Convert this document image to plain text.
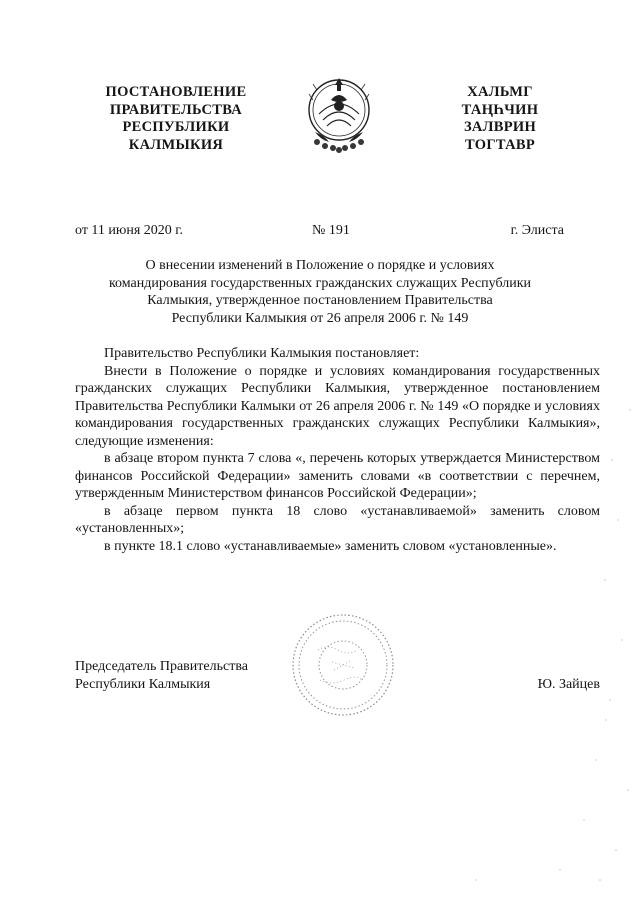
ПОСТАНОВЛЕНИЕ
ПРАВИТЕЛЬСТВА
РЕСПУБЛИКИ
КАЛМЫКИЯ
ХАЛЬМГ
ТАҢҺЧИН
ЗАЛВРИН
ТОГТАВР
от 11 июня 2020 г.	№ 191	г. Элиста
О внесении изменений в Положение о порядке и условиях
командирования государственных гражданских служащих Республики
Калмыкия, утвержденное постановлением Правительства
Республики Калмыкия от 26 апреля 2006 г. № 149

Правительство Республики Калмыкия постановляет:

Внести в Положение о порядке и условиях командирования государственных гражданских служащих Республики Калмыкия, утвержденное постановлением Правительства Республики Калмыки от 26 апреля 2006 г. № 149 «О порядке и условиях командирования государственных гражданских служащих Республики Калмыкия», следующие изменения:

в абзаце втором пункта 7 слова «, перечень которых утверждается Министерством финансов Российской Федерации» заменить словами «в соответствии с перечнем, утвержденным Министерством финансов Российской Федерации»;

в абзаце первом пункта 18 слово «устанавливаемой» заменить словом «установленных»;

в пункте 18.1 слово «устанавливаемые» заменить словом «установленные».

Председатель Правительства
Республики Калмыкия	Ю. Зайцев
